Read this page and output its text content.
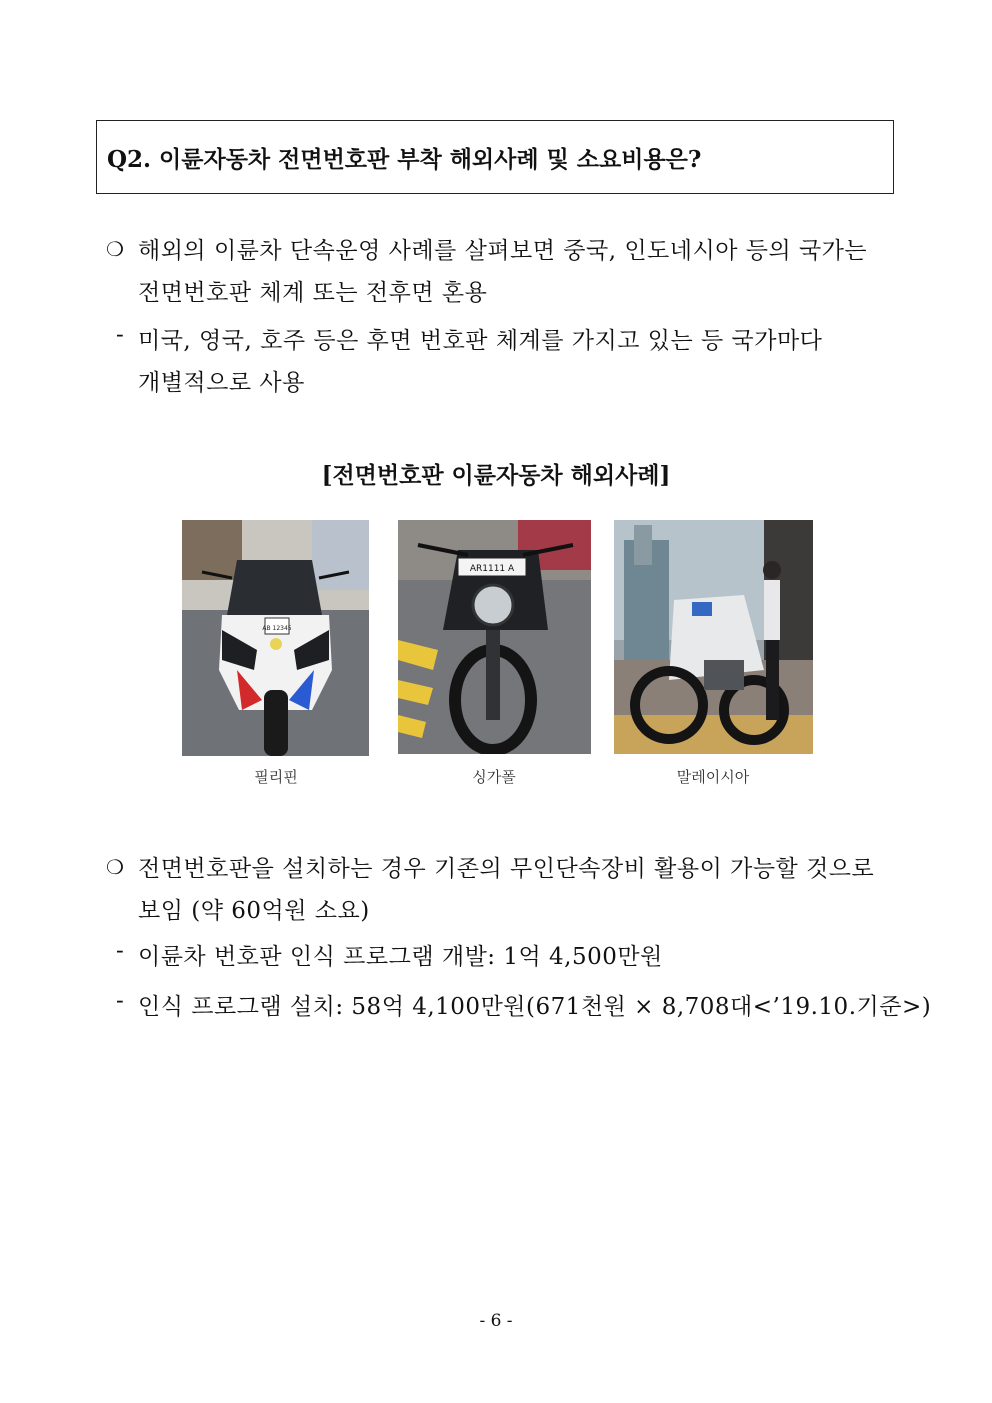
Q2. 이륜자동차 전면번호판 부착 해외사례 및 소요비용은?
❍ 해외의 이륜차 단속운영 사례를 살펴보면 중국, 인도네시아 등의 국가는
전면번호판 체계 또는 전후면 혼용
- 미국, 영국, 호주 등은 후면 번호판 체계를 가지고 있는 등 국가마다
개별적으로 사용
[전면번호판 이륜자동차 해외사례]
AB 12345
필리핀
AR1111 A
싱가폴	말레이시아
❍ 전면번호판을 설치하는 경우 기존의 무인단속장비 활용이 가능할 것으로
보임 (약 60억원 소요)
- 이륜차 번호판 인식 프로그램 개발: 1억 4,500만원
- 인식 프로그램 설치: 58억 4,100만원(671천원 × 8,708대<’19.10.기준>)
- 6 -
